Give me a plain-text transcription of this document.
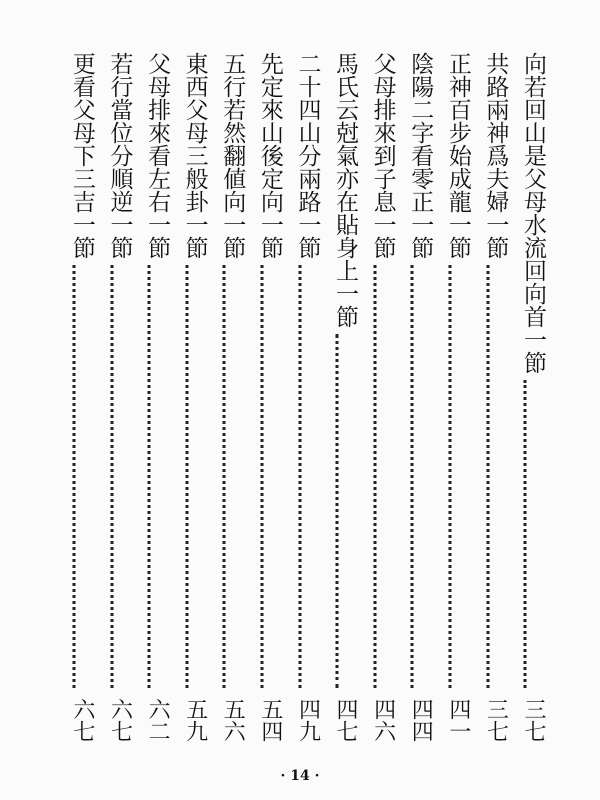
向若回山是父母水流回向首一節
三七
共路兩神爲夫婦一節
三七
正神百步始成龍一節
四一
陰陽二字看零正一節
四四
父母排來到子息一節
四六
馬氏云尅氣亦在貼身上一節
四七
二十四山分兩路一節
四九
先定來山後定向一節
五四
五行若然翻値向一節
五六
東西父母三般卦一節
五九
父母排來看左右一節
六二
若行當位分順逆一節
六七
更看父母下三吉一節
六七
· 14 ·
